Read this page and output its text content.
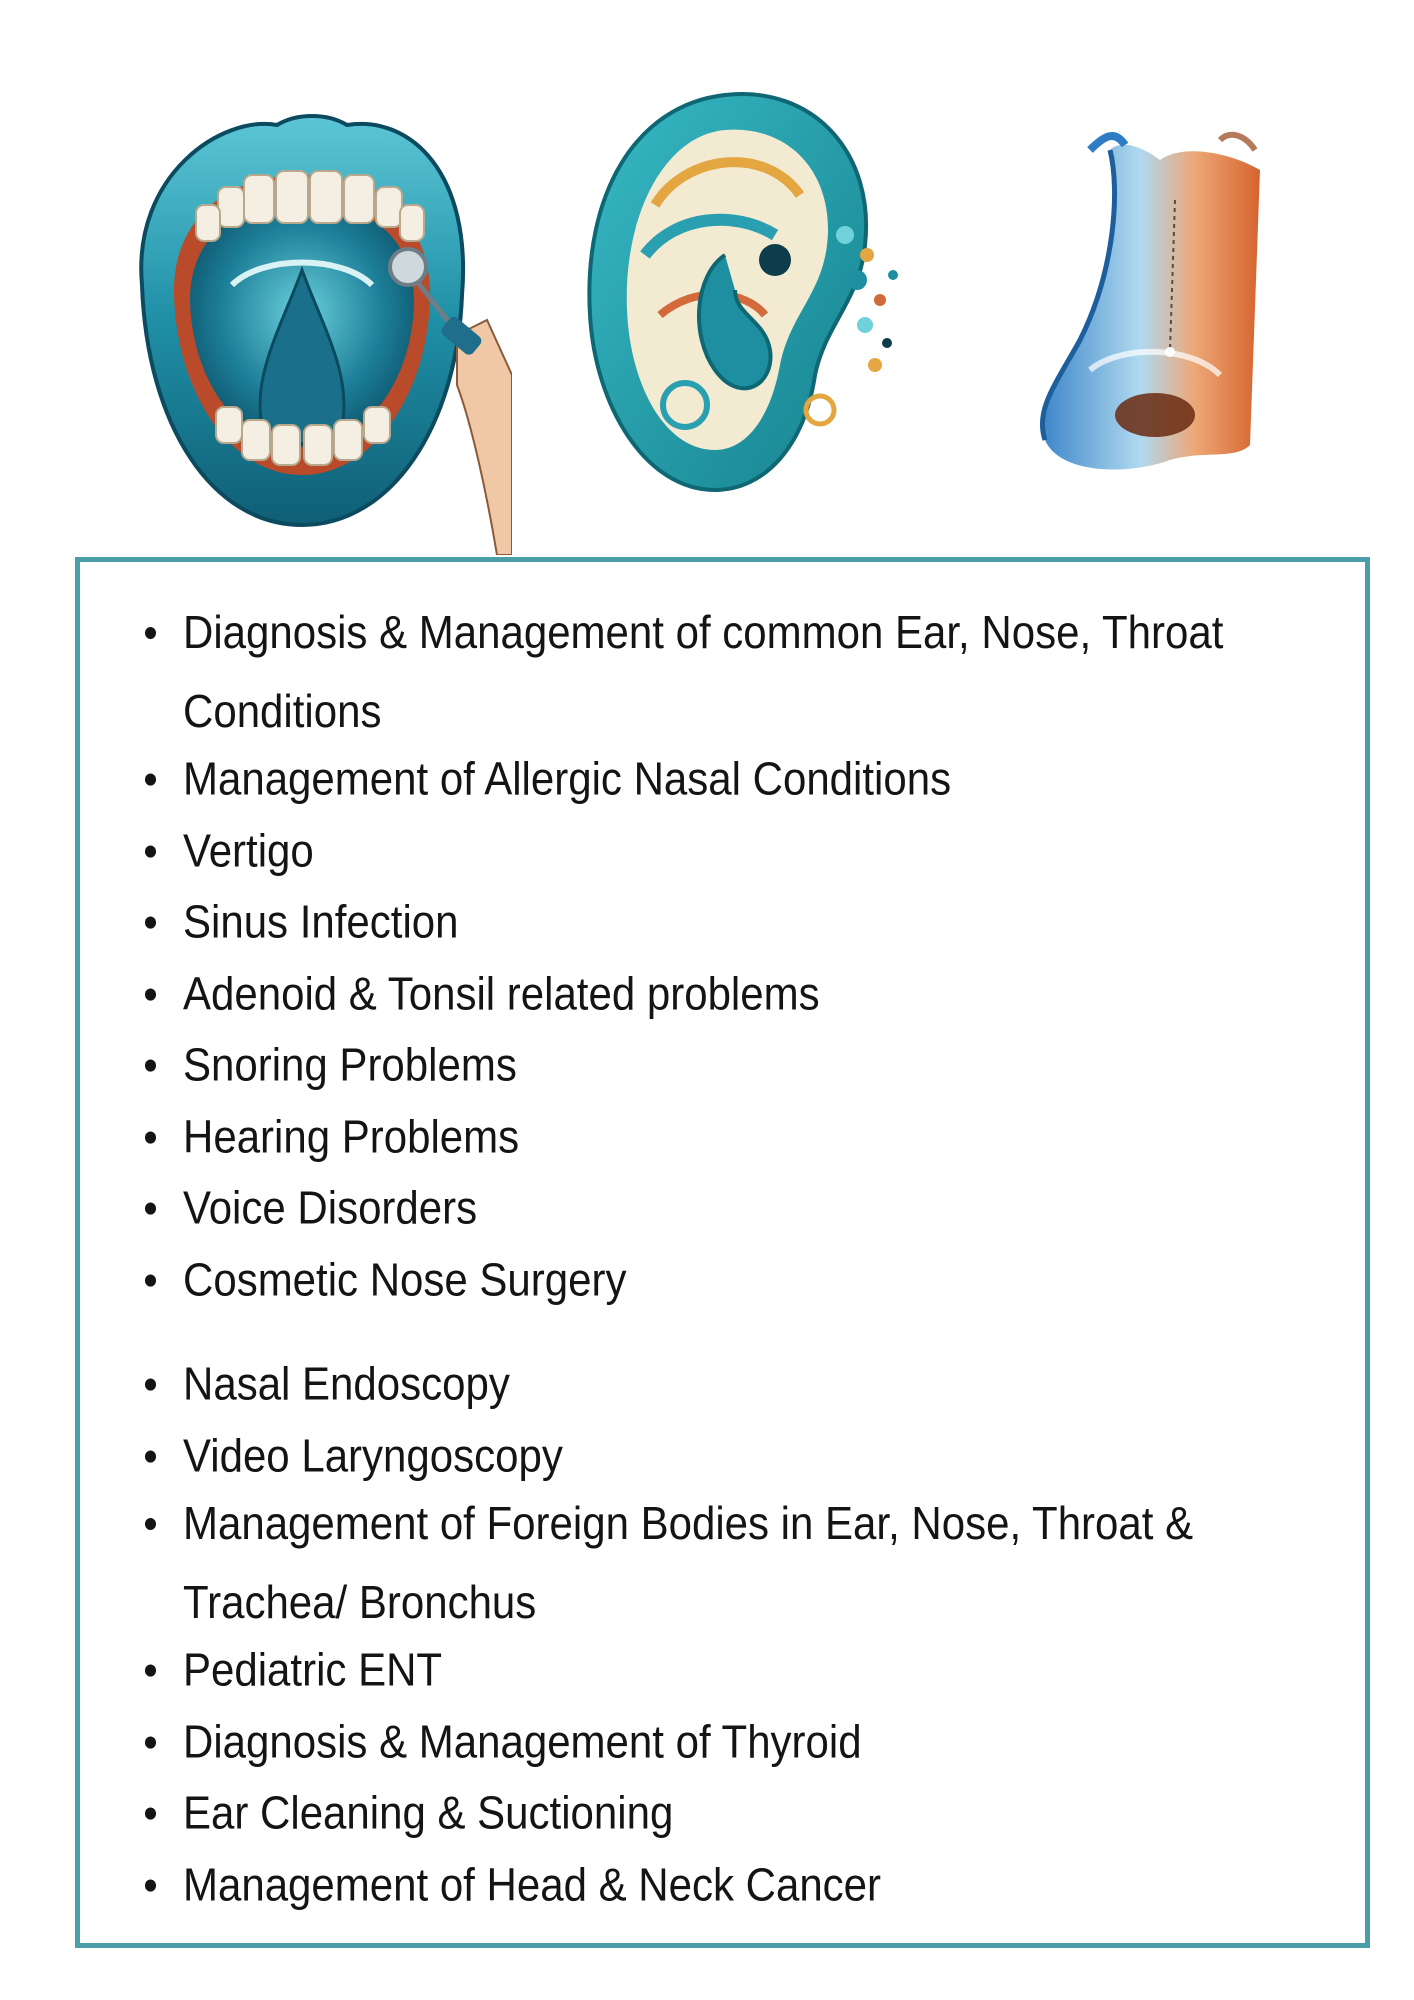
Diagnosis & Management of common Ear, Nose, Throat Conditions
Management of Allergic Nasal Conditions
Vertigo
Sinus Infection
Adenoid & Tonsil related problems
Snoring Problems
Hearing Problems
Voice Disorders
Cosmetic Nose Surgery
Nasal Endoscopy
Video Laryngoscopy
Management of Foreign Bodies in Ear, Nose, Throat & Trachea/ Bronchus
Pediatric ENT
Diagnosis & Management of Thyroid
Ear Cleaning & Suctioning
Management of Head & Neck Cancer
